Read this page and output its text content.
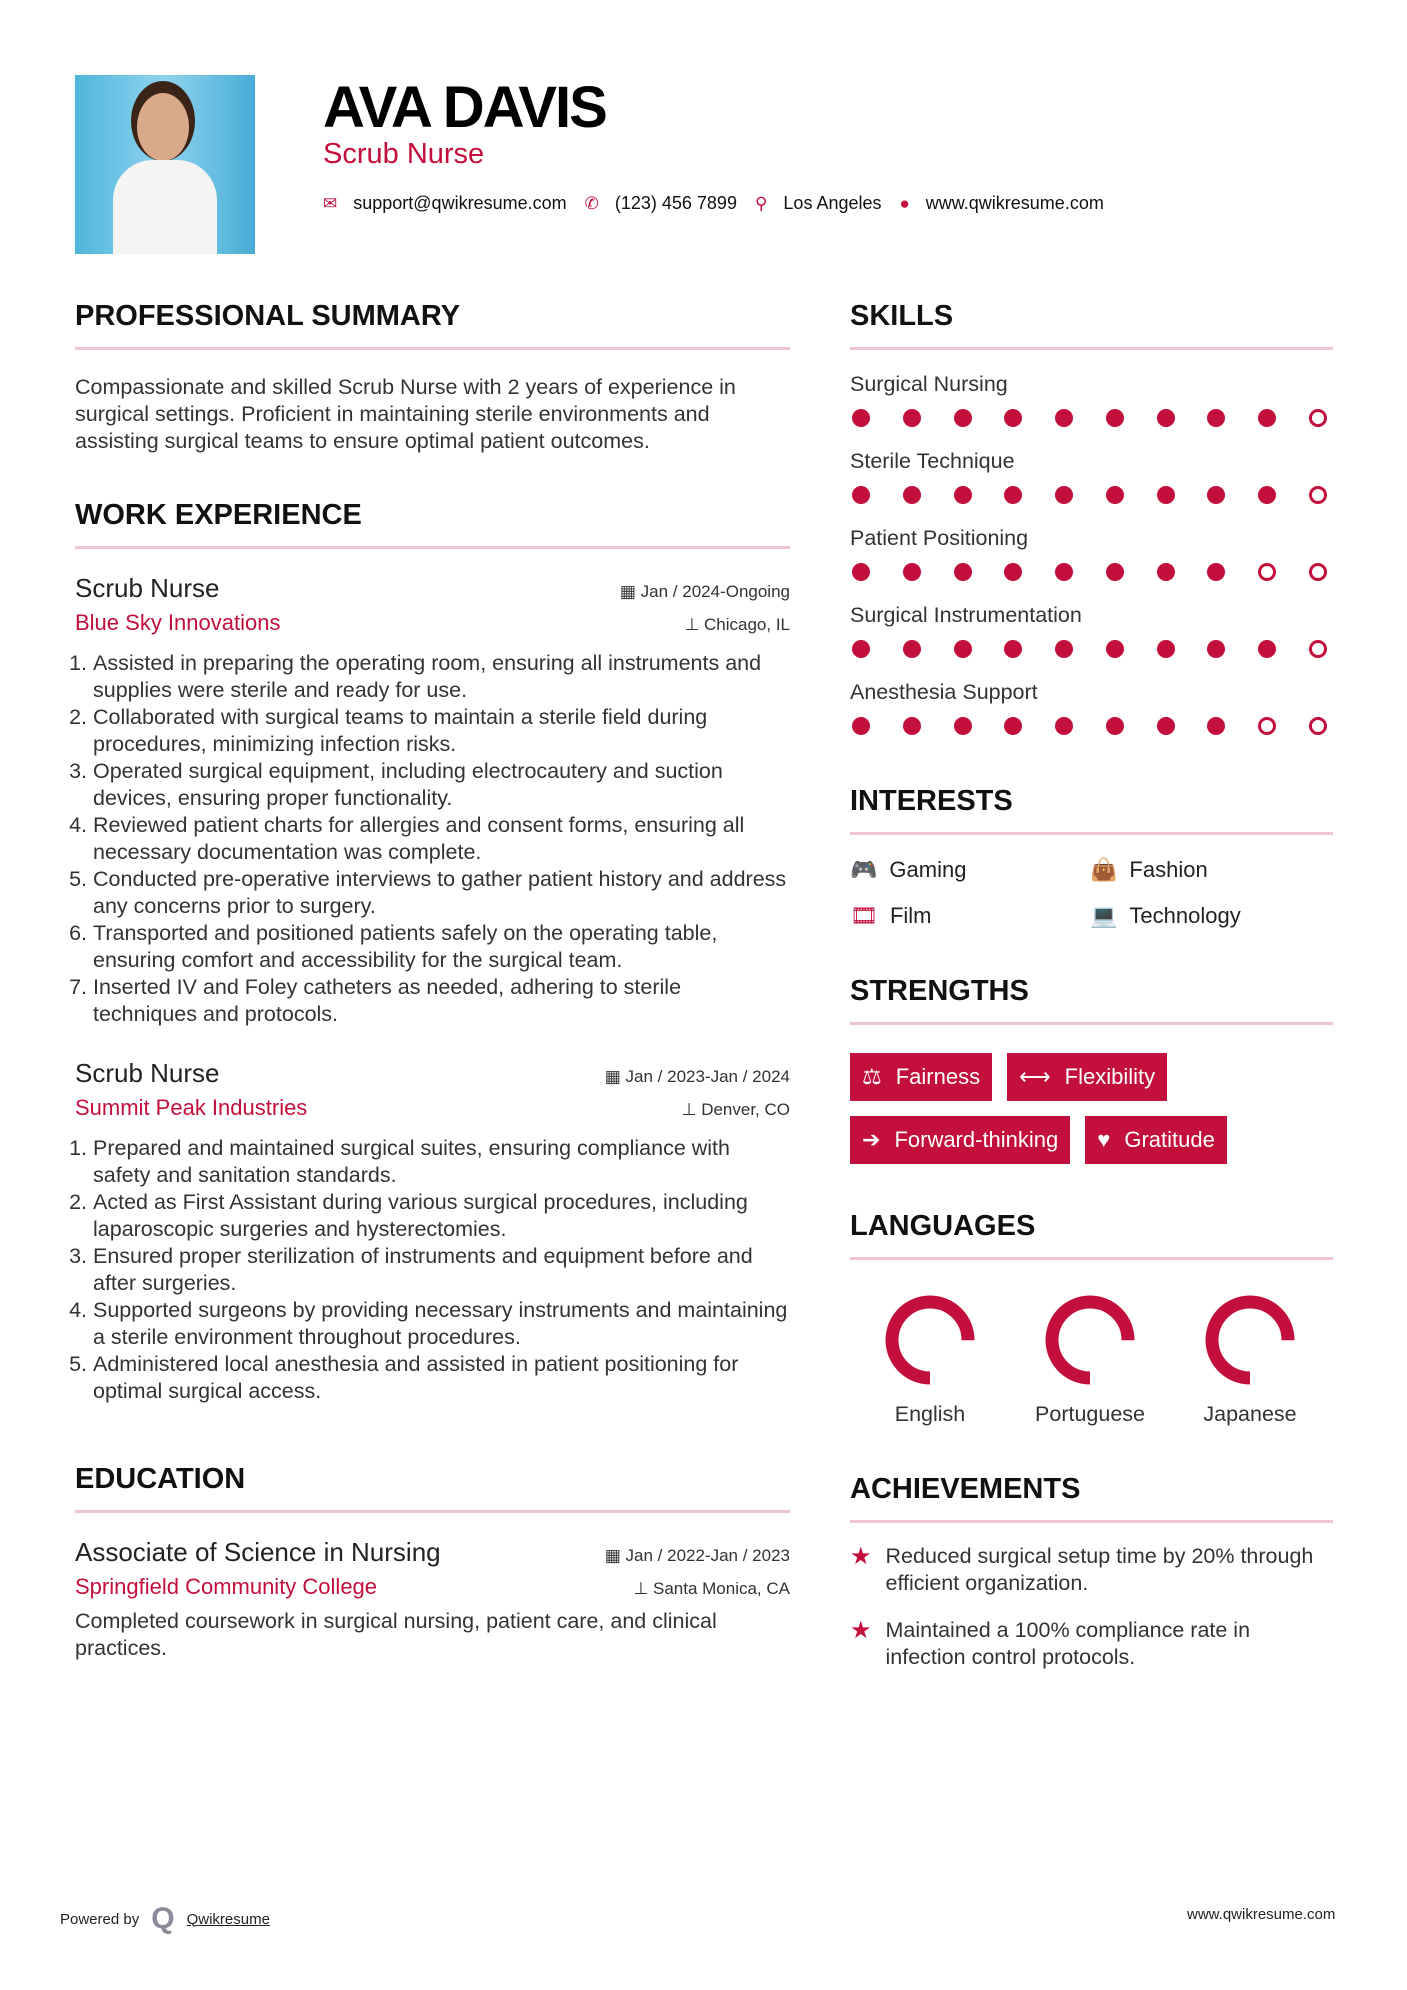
AVA DAVIS
Scrub Nurse
✉ support@qwikresume.com ✆ (123) 456 7899 ⚲ Los Angeles ● www.qwikresume.com
PROFESSIONAL SUMMARY

Compassionate and skilled Scrub Nurse with 2 years of experience in surgical settings. Proficient in maintaining sterile environments and assisting surgical teams to ensure optimal patient outcomes.

WORK EXPERIENCE
Scrub Nurse	▦ Jan / 2024-Ongoing
Blue Sky Innovations	⊥ Chicago, IL
1. Assisted in preparing the operating room, ensuring all instruments and supplies were sterile and ready for use.
2. Collaborated with surgical teams to maintain a sterile field during procedures, minimizing infection risks.
3. Operated surgical equipment, including electrocautery and suction devices, ensuring proper functionality.
4. Reviewed patient charts for allergies and consent forms, ensuring all necessary documentation was complete.
5. Conducted pre-operative interviews to gather patient history and address any concerns prior to surgery.
6. Transported and positioned patients safely on the operating table, ensuring comfort and accessibility for the surgical team.
7. Inserted IV and Foley catheters as needed, adhering to sterile techniques and protocols.
Scrub Nurse	▦ Jan / 2023-Jan / 2024
Summit Peak Industries	⊥ Denver, CO
1. Prepared and maintained surgical suites, ensuring compliance with safety and sanitation standards.
2. Acted as First Assistant during various surgical procedures, including laparoscopic surgeries and hysterectomies.
3. Ensured proper sterilization of instruments and equipment before and after surgeries.
4. Supported surgeons by providing necessary instruments and maintaining a sterile environment throughout procedures.
5. Administered local anesthesia and assisted in patient positioning for optimal surgical access.
EDUCATION
Associate of Science in Nursing	▦ Jan / 2022-Jan / 2023
Springfield Community College	⊥ Santa Monica, CA

Completed coursework in surgical nursing, patient care, and clinical practices.

SKILLS
Surgical Nursing
Sterile Technique
Patient Positioning
Surgical Instrumentation
Anesthesia Support
INTERESTS
🎮 Gaming	👜 Fashion
🎞 Film	💻 Technology
STRENGTHS
⚖ Fairness ⟷ Flexibility
➔ Forward-thinking ♥ Gratitude
LANGUAGES
English	Portuguese	Japanese
ACHIEVEMENTS
★ Reduced surgical setup time by 20% through efficient organization.
★ Maintained a 100% compliance rate in infection control protocols.
Powered by Q Qwikresume	www.qwikresume.com
